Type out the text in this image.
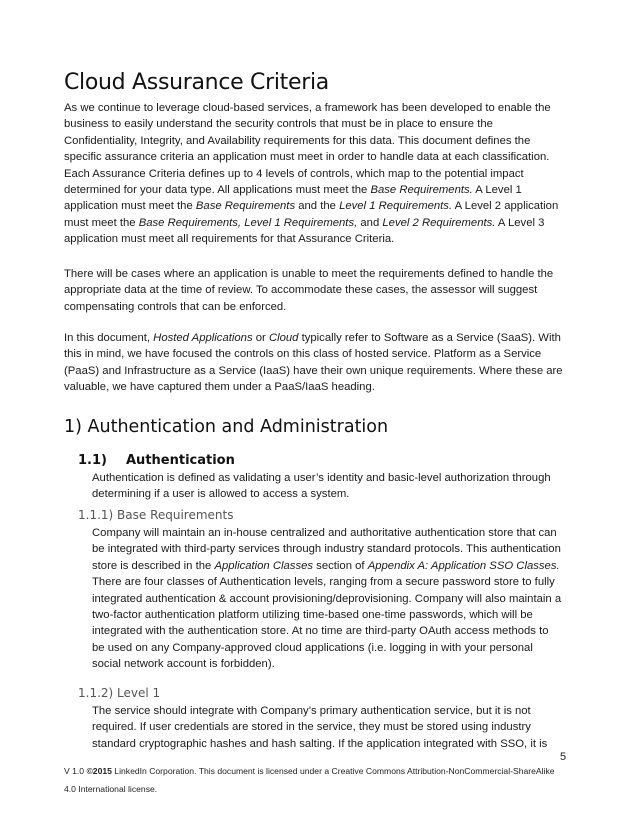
Cloud Assurance Criteria

As we continue to leverage cloud-based services, a framework has been developed to enable the business to easily understand the security controls that must be in place to ensure the Confidentiality, Integrity, and Availability requirements for this data. This document defines the specific assurance criteria an application must meet in order to handle data at each classification. Each Assurance Criteria defines up to 4 levels of controls, which map to the potential impact determined for your data type. All applications must meet the Base Requirements. A Level 1 application must meet the Base Requirements and the Level 1 Requirements. A Level 2 application must meet the Base Requirements, Level 1 Requirements, and Level 2 Requirements. A Level 3 application must meet all requirements for that Assurance Criteria.

There will be cases where an application is unable to meet the requirements defined to handle the appropriate data at the time of review. To accommodate these cases, the assessor will suggest compensating controls that can be enforced.

In this document, Hosted Applications or Cloud typically refer to Software as a Service (SaaS). With this in mind, we have focused the controls on this class of hosted service. Platform as a Service (PaaS) and Infrastructure as a Service (IaaS) have their own unique requirements. Where these are valuable, we have captured them under a PaaS/IaaS heading.

1) Authentication and Administration
1.1) Authentication

Authentication is defined as validating a user’s identity and basic-level authorization through determining if a user is allowed to access a system.

1.1.1) Base Requirements

Company will maintain an in-house centralized and authoritative authentication store that can be integrated with third-party services through industry standard protocols. This authentication store is described in the Application Classes section of Appendix A: Application SSO Classes. There are four classes of Authentication levels, ranging from a secure password store to fully integrated authentication & account provisioning/deprovisioning. Company will also maintain a two-factor authentication platform utilizing time-based one-time passwords, which will be integrated with the authentication store. At no time are third-party OAuth access methods to be used on any Company-approved cloud applications (i.e. logging in with your personal social network account is forbidden).

1.1.2) Level 1

The service should integrate with Company’s primary authentication service, but it is not required. If user credentials are stored in the service, they must be stored using industry standard cryptographic hashes and hash salting. If the application integrated with SSO, it is

5
V 1.0 ©2015 LinkedIn Corporation. This document is licensed under a Creative Commons Attribution-NonCommercial-ShareAlike 4.0 International license.
